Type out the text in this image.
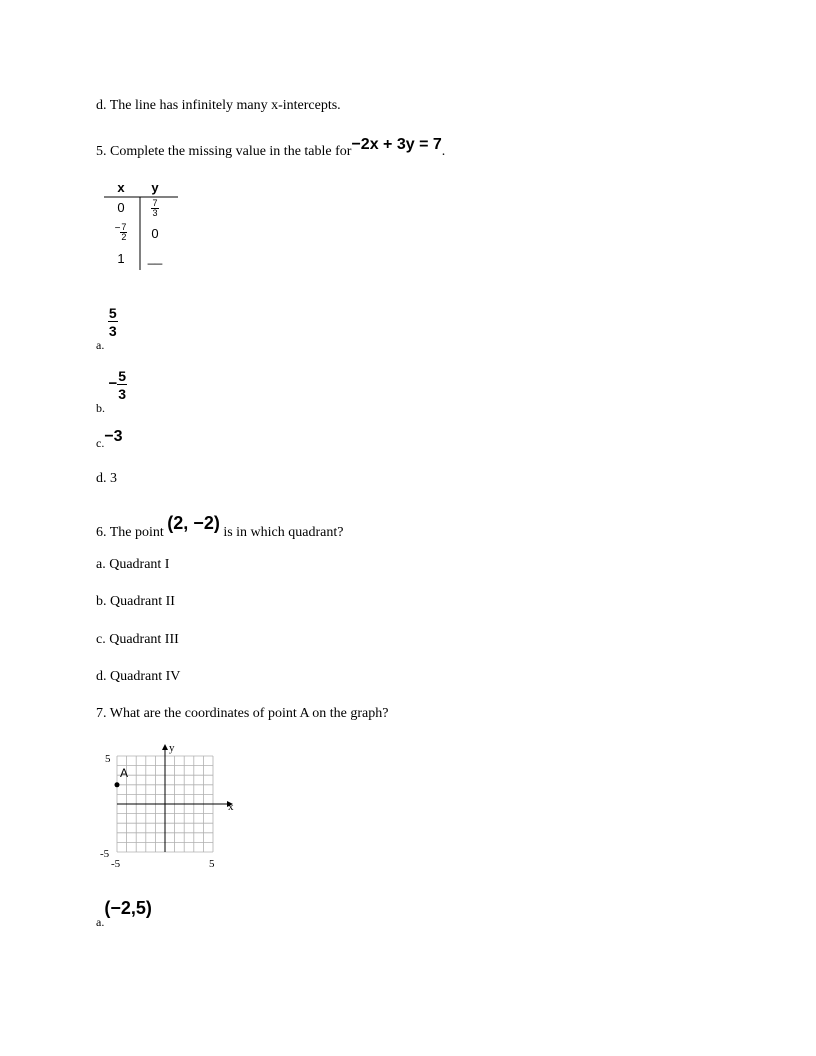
d. The line has infinitely many x-intercepts.
5. Complete the missing value in the table for−2x + 3y = 7.
x	y
0	$\frac{7}{3}$
$^- \frac{7}{2}$	0
1	__
a.
$\frac{5}{3}$
b. − $\frac{5}{3}$
c.−3
d. 3
6. The point (2, −2) is in which quadrant?
a. Quadrant I
b. Quadrant II
c. Quadrant III
d. Quadrant IV
7. What are the coordinates of point A on the graph?
x
y
5
-5
-5	5
A
a.(−2,5)
